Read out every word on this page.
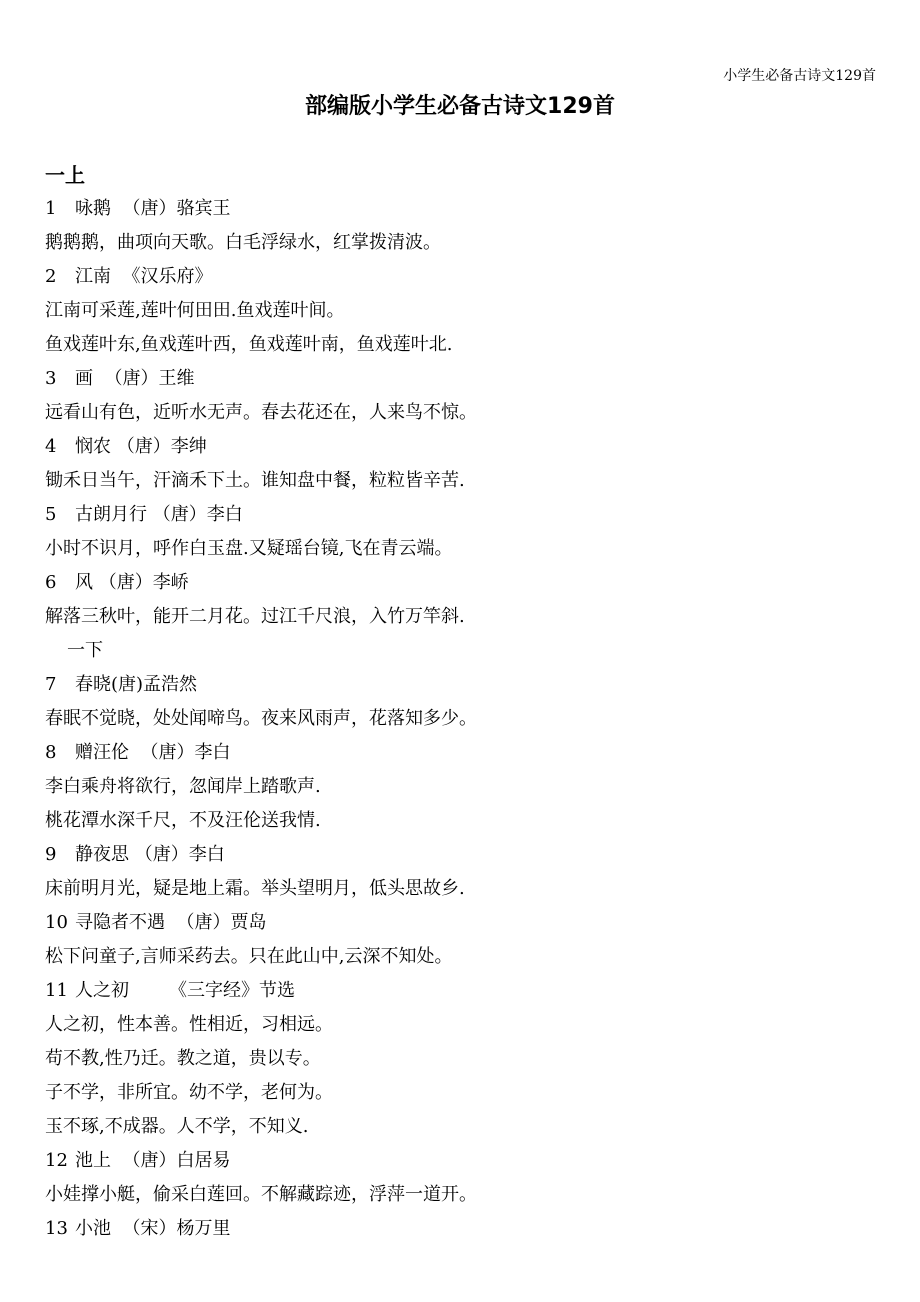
小学生必备古诗文129首
部编版小学生必备古诗文129首
一上
1 咏鹅  （唐）骆宾王
鹅鹅鹅，曲项向天歌。白毛浮绿水，红掌拨清波。
2 江南  《汉乐府》
江南可采莲,莲叶何田田.鱼戏莲叶间。
鱼戏莲叶东,鱼戏莲叶西，鱼戏莲叶南，鱼戏莲叶北.
3 画  （唐）王维
远看山有色，近听水无声。春去花还在，人来鸟不惊。
4 悯农 （唐）李绅
锄禾日当午，汗滴禾下土。谁知盘中餐，粒粒皆辛苦.
5 古朗月行 （唐）李白
小时不识月，呼作白玉盘.又疑瑶台镜,飞在青云端。
6 风 （唐）李峤
解落三秋叶，能开二月花。过江千尺浪，入竹万竿斜.
一下
7 春晓(唐)孟浩然
春眠不觉晓，处处闻啼鸟。夜来风雨声，花落知多少。
8 赠汪伦  （唐）李白
李白乘舟将欲行，忽闻岸上踏歌声.
桃花潭水深千尺，不及汪伦送我情.
9 静夜思 （唐）李白
床前明月光，疑是地上霜。举头望明月，低头思故乡.
10 寻隐者不遇  （唐）贾岛
松下问童子,言师采药去。只在此山中,云深不知处。
11 人之初       《三字经》节选
人之初，性本善。性相近，习相远。
苟不教,性乃迁。教之道，贵以专。
子不学，非所宜。幼不学，老何为。
玉不琢,不成器。人不学，不知义.
12 池上  （唐）白居易
小娃撑小艇，偷采白莲回。不解藏踪迹，浮萍一道开。
13 小池  （宋）杨万里
